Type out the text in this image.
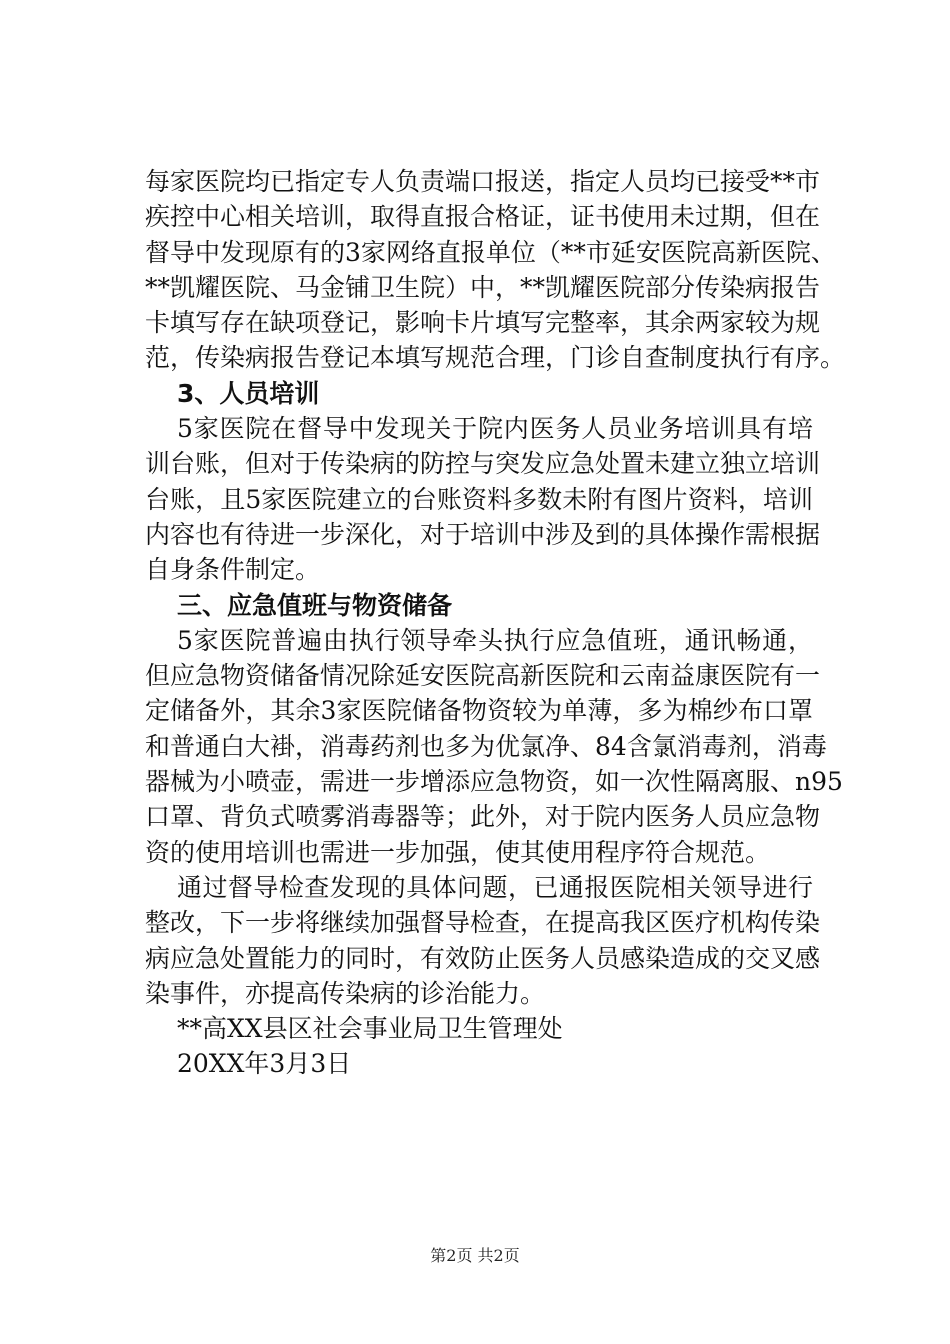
每家医院均已指定专人负责端口报送，指定人员均已接受**市
疾控中心相关培训，取得直报合格证，证书使用未过期，但在
督导中发现原有的3家网络直报单位（**市延安医院高新医院、
**凯耀医院、马金铺卫生院）中，**凯耀医院部分传染病报告
卡填写存在缺项登记，影响卡片填写完整率，其余两家较为规
范，传染病报告登记本填写规范合理，门诊自查制度执行有序。
3、人员培训
5家医院在督导中发现关于院内医务人员业务培训具有培
训台账，但对于传染病的防控与突发应急处置未建立独立培训
台账，且5家医院建立的台账资料多数未附有图片资料，培训
内容也有待进一步深化，对于培训中涉及到的具体操作需根据
自身条件制定。
三、应急值班与物资储备
5家医院普遍由执行领导牵头执行应急值班，通讯畅通，
但应急物资储备情况除延安医院高新医院和云南益康医院有一
定储备外，其余3家医院储备物资较为单薄，多为棉纱布口罩
和普通白大褂，消毒药剂也多为优氯净、84含氯消毒剂，消毒
器械为小喷壶，需进一步增添应急物资，如一次性隔离服、n95
口罩、背负式喷雾消毒器等；此外，对于院内医务人员应急物
资的使用培训也需进一步加强，使其使用程序符合规范。
通过督导检查发现的具体问题，已通报医院相关领导进行
整改，下一步将继续加强督导检查，在提高我区医疗机构传染
病应急处置能力的同时，有效防止医务人员感染造成的交叉感
染事件，亦提高传染病的诊治能力。
**高XX县区社会事业局卫生管理处
20XX年3月3日
第2页 共2页
